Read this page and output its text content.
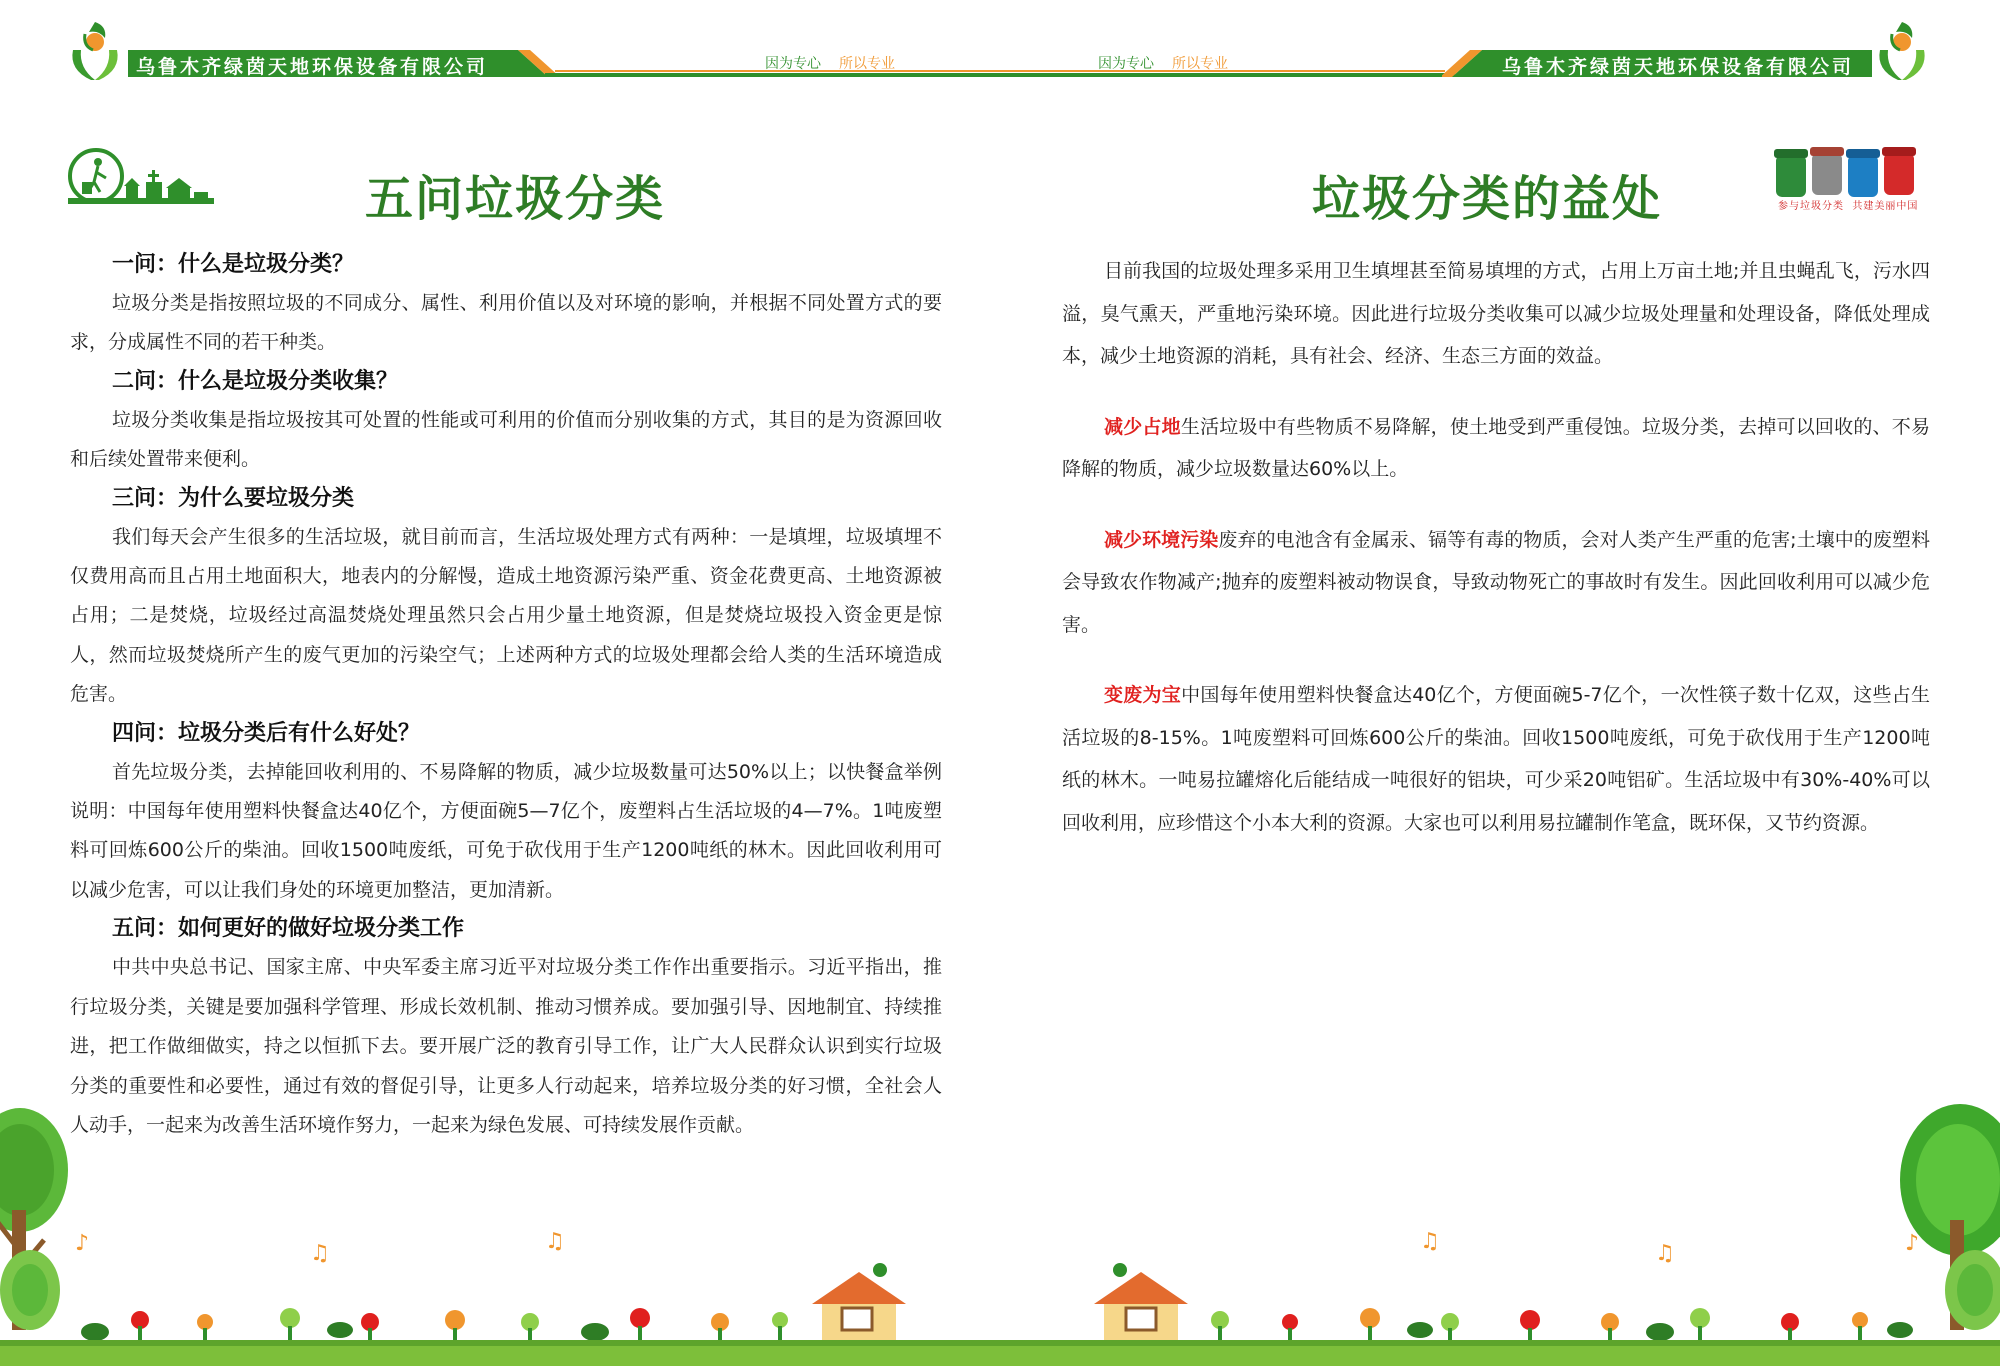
乌鲁木齐绿茵天地环保设备有限公司	乌鲁木齐绿茵天地环保设备有限公司
因为专心 所以专业	因为专心 所以专业
五问垃圾分类	垃圾分类的益处	参与垃圾分类 共建美丽中国
一问：什么是垃圾分类？

垃圾分类是指按照垃圾的不同成分、属性、利用价值以及对环境的影响，并根据不同处置方式的要求，分成属性不同的若干种类。

二问：什么是垃圾分类收集？

垃圾分类收集是指垃圾按其可处置的性能或可利用的价值而分别收集的方式，其目的是为资源回收和后续处置带来便利。

三问：为什么要垃圾分类

我们每天会产生很多的生活垃圾，就目前而言，生活垃圾处理方式有两种：一是填埋，垃圾填埋不仅费用高而且占用土地面积大，地表内的分解慢，造成土地资源污染严重、资金花费更高、土地资源被占用；二是焚烧，垃圾经过高温焚烧处理虽然只会占用少量土地资源，但是焚烧垃圾投入资金更是惊人，然而垃圾焚烧所产生的废气更加的污染空气；上述两种方式的垃圾处理都会给人类的生活环境造成危害。

四问：垃圾分类后有什么好处？

首先垃圾分类，去掉能回收利用的、不易降解的物质，减少垃圾数量可达50%以上；以快餐盒举例说明：中国每年使用塑料快餐盒达40亿个，方便面碗5—7亿个，废塑料占生活垃圾的4—7%。1吨废塑料可回炼600公斤的柴油。回收1500吨废纸，可免于砍伐用于生产1200吨纸的林木。因此回收利用可以减少危害，可以让我们身处的环境更加整洁，更加清新。

五问：如何更好的做好垃圾分类工作

中共中央总书记、国家主席、中央军委主席习近平对垃圾分类工作作出重要指示。习近平指出，推行垃圾分类，关键是要加强科学管理、形成长效机制、推动习惯养成。要加强引导、因地制宜、持续推进，把工作做细做实，持之以恒抓下去。要开展广泛的教育引导工作，让广大人民群众认识到实行垃圾分类的重要性和必要性，通过有效的督促引导，让更多人行动起来，培养垃圾分类的好习惯，全社会人人动手，一起来为改善生活环境作努力，一起来为绿色发展、可持续发展作贡献。

目前我国的垃圾处理多采用卫生填埋甚至简易填埋的方式，占用上万亩土地;并且虫蝇乱飞，污水四溢，臭气熏天，严重地污染环境。因此进行垃圾分类收集可以减少垃圾处理量和处理设备，降低处理成本，减少土地资源的消耗，具有社会、经济、生态三方面的效益。

减少占地生活垃圾中有些物质不易降解，使土地受到严重侵蚀。垃圾分类，去掉可以回收的、不易降解的物质，减少垃圾数量达60%以上。

减少环境污染废弃的电池含有金属汞、镉等有毒的物质，会对人类产生严重的危害;土壤中的废塑料会导致农作物减产;抛弃的废塑料被动物误食，导致动物死亡的事故时有发生。因此回收利用可以减少危害。

变废为宝中国每年使用塑料快餐盒达40亿个，方便面碗5-7亿个，一次性筷子数十亿双，这些占生活垃圾的8-15%。1吨废塑料可回炼600公斤的柴油。回收1500吨废纸，可免于砍伐用于生产1200吨纸的林木。一吨易拉罐熔化后能结成一吨很好的铝块，可少采20吨铝矿。生活垃圾中有30%-40%可以回收利用，应珍惜这个小本大利的资源。大家也可以利用易拉罐制作笔盒，既环保，又节约资源。

♫	♫	♫	♫
♪	♪
